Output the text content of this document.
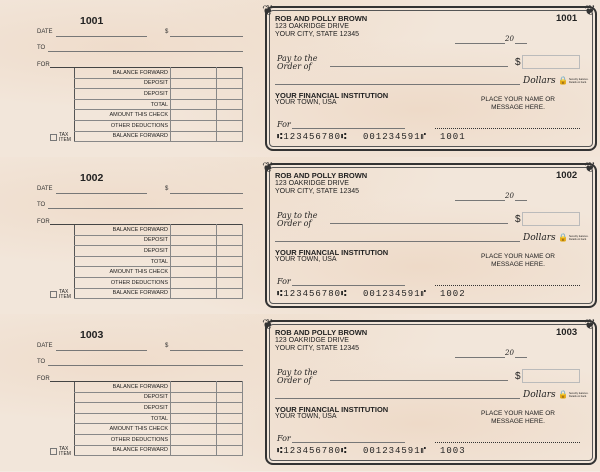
1001
DATE	$
TO
FOR
BALANCE FORWARD		
DEPOSIT		
DEPOSIT		
TOTAL		
AMOUNT THIS CHECK		
OTHER DEDUCTIONS		
BALANCE FORWARD		
TAX ITEM
❦	❦
ROB AND POLLY BROWN
123 OAKRIDGE DRIVE
YOUR CITY, STATE 12345
1001
20
Pay to the Order of	$
Dollars 🔒 Security features. Details on back.
YOUR FINANCIAL INSTITUTION
YOUR TOWN, USA	PLACE YOUR NAME OR MESSAGE HERE.
For
⑆123456780⑆ 001234591⑈ 1001
1002
DATE	$
TO
FOR
BALANCE FORWARD		
DEPOSIT		
DEPOSIT		
TOTAL		
AMOUNT THIS CHECK		
OTHER DEDUCTIONS		
BALANCE FORWARD		
TAX ITEM
❦	❦
ROB AND POLLY BROWN
123 OAKRIDGE DRIVE
YOUR CITY, STATE 12345
1002
20
Pay to the Order of	$
Dollars 🔒 Security features. Details on back.
YOUR FINANCIAL INSTITUTION
YOUR TOWN, USA	PLACE YOUR NAME OR MESSAGE HERE.
For
⑆123456780⑆ 001234591⑈ 1002
1003
DATE	$
TO
FOR
BALANCE FORWARD		
DEPOSIT		
DEPOSIT		
TOTAL		
AMOUNT THIS CHECK		
OTHER DEDUCTIONS		
BALANCE FORWARD		
TAX ITEM
❦	❦
ROB AND POLLY BROWN
123 OAKRIDGE DRIVE
YOUR CITY, STATE 12345
1003
20
Pay to the Order of	$
Dollars 🔒 Security features. Details on back.
YOUR FINANCIAL INSTITUTION
YOUR TOWN, USA	PLACE YOUR NAME OR MESSAGE HERE.
For
⑆123456780⑆ 001234591⑈ 1003
